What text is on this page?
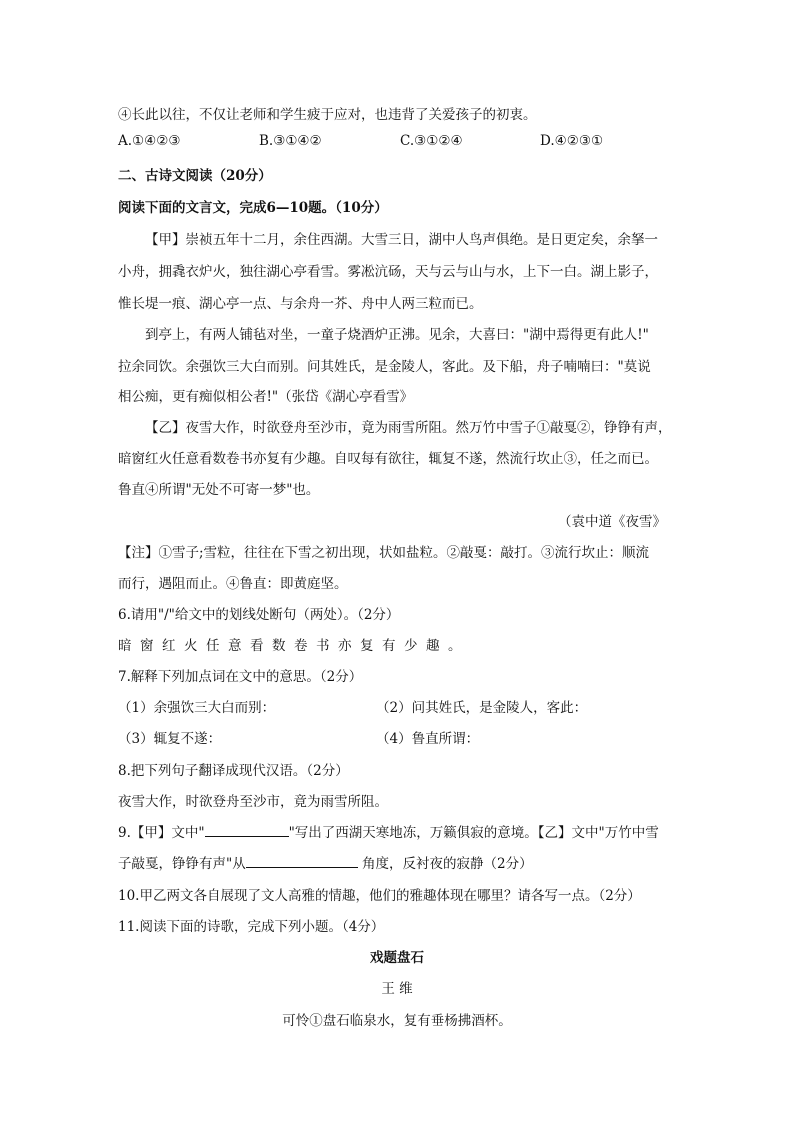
④长此以往，不仅让老师和学生疲于应对，也违背了关爱孩子的初衷。
A.①④②③	B.③①④②	C.③①②④	D.④②③①
二、古诗文阅读（20分）
阅读下面的文言文，完成6—10题。（10分）
【甲】崇祯五年十二月，余住西湖。大雪三日，湖中人鸟声俱绝。是日更定矣，余拏一
小舟，拥毳衣炉火，独往湖心亭看雪。雾凇沆砀，天与云与山与水，上下一白。湖上影子，
惟长堤一痕、湖心亭一点、与余舟一芥、舟中人两三粒而已。
到亭上，有两人铺毡对坐，一童子烧酒炉正沸。见余，大喜曰："湖中焉得更有此人!"
拉余同饮。余强饮三大白而别。问其姓氏，是金陵人，客此。及下船，舟子喃喃曰："莫说
相公痴，更有痴似相公者!"（张岱《湖心亭看雪》
【乙】夜雪大作，时欲登舟至沙市，竟为雨雪所阻。然万竹中雪子①敲戛②，铮铮有声，
暗窗红火任意看数卷书亦复有少趣。自叹每有欲往，辄复不遂，然流行坎止③，任之而已。
鲁直④所谓"无处不可寄一梦"也。
（袁中道《夜雪》
【注】①雪子;雪粒，往往在下雪之初出现，状如盐粒。②敲戛：敲打。③流行坎止：顺流
而行，遇阻而止。④鲁直：即黄庭坚。
6.请用"/"给文中的划线处断句（两处）。（2分）
暗窗红火任意看数卷书亦复有少趣。
7.解释下列加点词在文中的意思。（2分）
（1）余强饮三大白而别：	（2）问其姓氏，是金陵人，客此：
（3）辄复不遂：	（4）鲁直所谓：
8.把下列句子翻译成现代汉语。（2分）
夜雪大作，时欲登舟至沙市，竟为雨雪所阻。
9.【甲】文中"	"写出了西湖天寒地冻，万籁俱寂的意境。【乙】文中"万竹中雪
子敲戛，铮铮有声"从	角度，反衬夜的寂静（2分）
10.甲乙两文各自展现了文人高雅的情趣，他们的雅趣体现在哪里？请各写一点。（2分）
11.阅读下面的诗歌，完成下列小题。（4分）
戏题盘石
王 维
可怜①盘石临泉水，复有垂杨拂酒杯。
